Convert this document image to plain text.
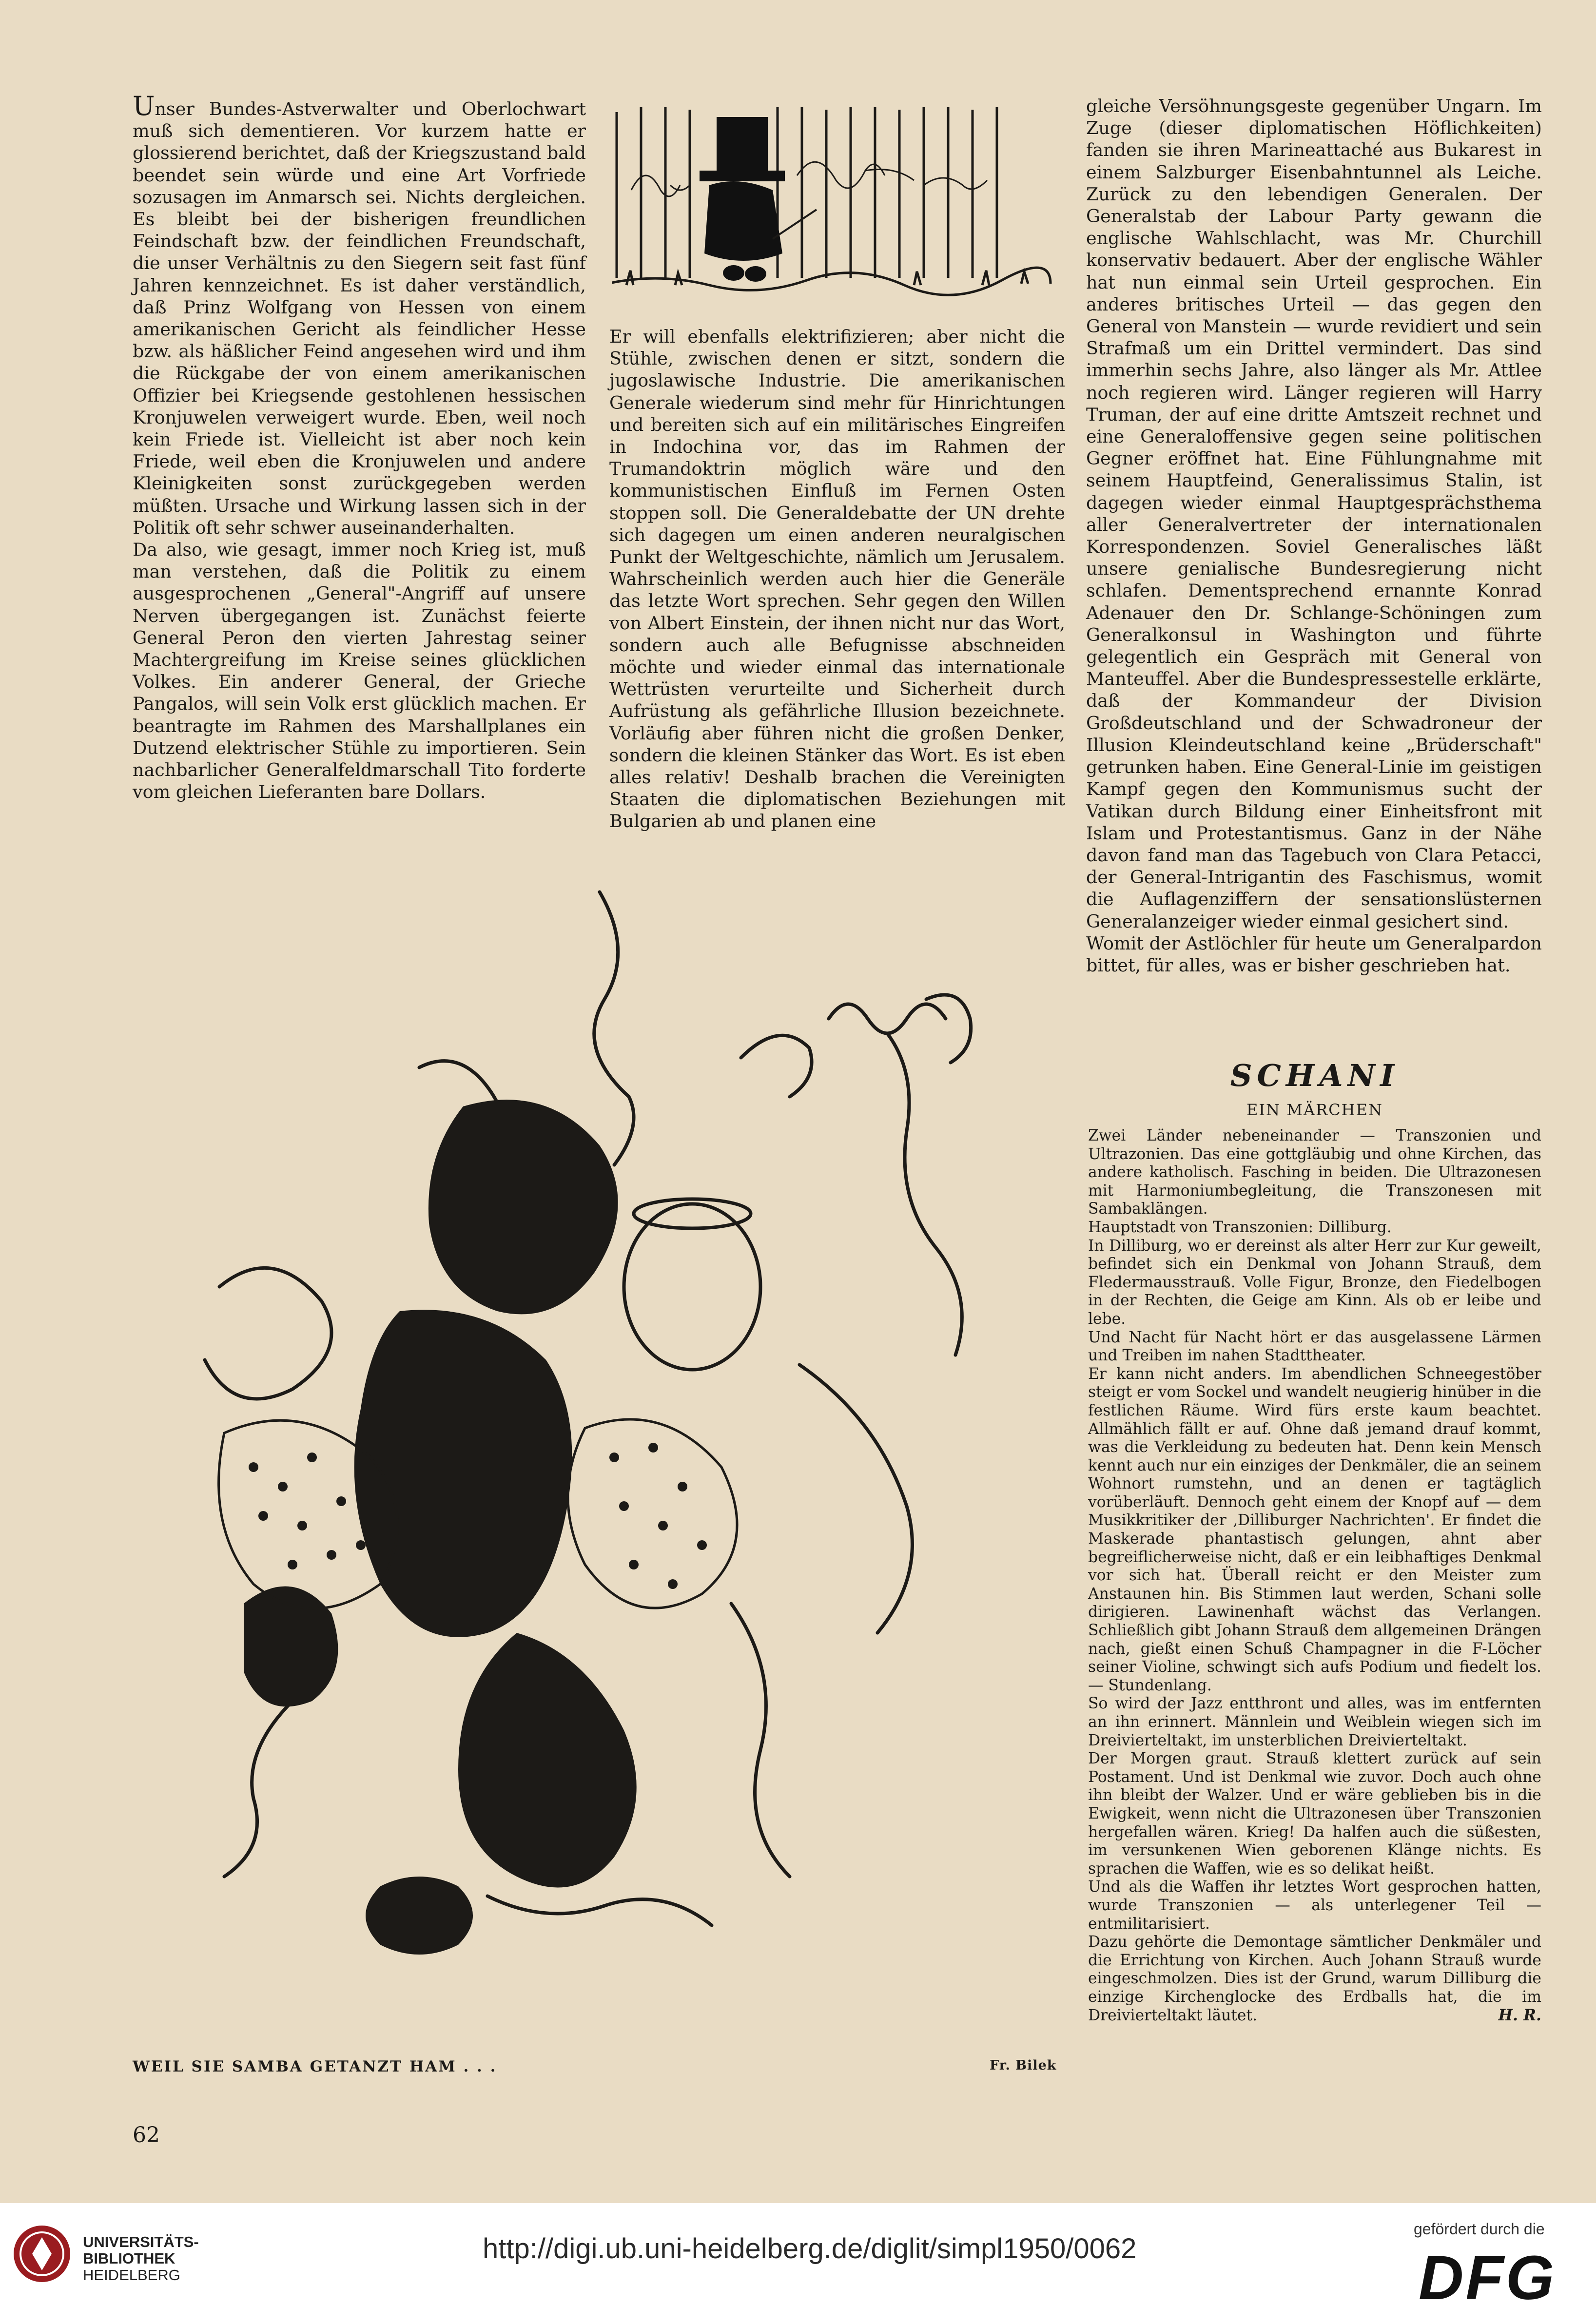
Unser Bundes-Astverwalter und Oberlochwart muß sich dementieren. Vor kurzem hatte er glossierend berichtet, daß der Kriegszustand bald beendet sein würde und eine Art Vorfriede sozusagen im Anmarsch sei. Nichts dergleichen. Es bleibt bei der bisherigen freundlichen Feindschaft bzw. der feindlichen Freundschaft, die unser Verhältnis zu den Siegern seit fast fünf Jahren kennzeichnet. Es ist daher verständlich, daß Prinz Wolfgang von Hessen von einem amerikanischen Gericht als feindlicher Hesse bzw. als häßlicher Feind angesehen wird und ihm die Rückgabe der von einem amerikanischen Offizier bei Kriegsende gestohlenen hessischen Kronjuwelen verweigert wurde. Eben, weil noch kein Friede ist. Vielleicht ist aber noch kein Friede, weil eben die Kronjuwelen und andere Kleinigkeiten sonst zurückgegeben werden müßten. Ursache und Wirkung lassen sich in der Politik oft sehr schwer auseinanderhalten.

Da also, wie gesagt, immer noch Krieg ist, muß man verstehen, daß die Politik zu einem ausgesprochenen „General"-Angriff auf unsere Nerven übergegangen ist. Zunächst feierte General Peron den vierten Jahrestag seiner Machtergreifung im Kreise seines glücklichen Volkes. Ein anderer General, der Grieche Pangalos, will sein Volk erst glücklich machen. Er beantragte im Rahmen des Marshallplanes ein Dutzend elektrischer Stühle zu importieren. Sein nachbarlicher Generalfeldmarschall Tito forderte vom gleichen Lieferanten bare Dollars.

Er will ebenfalls elektrifizieren; aber nicht die Stühle, zwischen denen er sitzt, sondern die jugoslawische Industrie. Die amerikanischen Generale wiederum sind mehr für Hinrichtungen und bereiten sich auf ein militärisches Eingreifen in Indochina vor, das im Rahmen der Trumandoktrin möglich wäre und den kommunistischen Einfluß im Fernen Osten stoppen soll. Die Generaldebatte der UN drehte sich dagegen um einen anderen neuralgischen Punkt der Weltgeschichte, nämlich um Jerusalem. Wahrscheinlich werden auch hier die Generäle das letzte Wort sprechen. Sehr gegen den Willen von Albert Einstein, der ihnen nicht nur das Wort, sondern auch alle Befugnisse abschneiden möchte und wieder einmal das internationale Wettrüsten verurteilte und Sicherheit durch Aufrüstung als gefährliche Illusion bezeichnete. Vorläufig aber führen nicht die großen Denker, sondern die kleinen Stänker das Wort. Es ist eben alles relativ! Deshalb brachen die Vereinigten Staaten die diplomatischen Beziehungen mit Bulgarien ab und planen eine

gleiche Versöhnungsgeste gegenüber Ungarn. Im Zuge (dieser diplomatischen Höflichkeiten) fanden sie ihren Marineattaché aus Bukarest in einem Salzburger Eisenbahntunnel als Leiche. Zurück zu den lebendigen Generalen. Der Generalstab der Labour Party gewann die englische Wahlschlacht, was Mr. Churchill konservativ bedauert. Aber der englische Wähler hat nun einmal sein Urteil gesprochen. Ein anderes britisches Urteil — das gegen den General von Manstein — wurde revidiert und sein Strafmaß um ein Drittel vermindert. Das sind immerhin sechs Jahre, also länger als Mr. Attlee noch regieren wird. Länger regieren will Harry Truman, der auf eine dritte Amtszeit rechnet und eine Generaloffensive gegen seine politischen Gegner eröffnet hat. Eine Fühlungnahme mit seinem Hauptfeind, Generalissimus Stalin, ist dagegen wieder einmal Hauptgesprächsthema aller Generalvertreter der internationalen Korrespondenzen. Soviel Generalisches läßt unsere genialische Bundesregierung nicht schlafen. Dementsprechend ernannte Konrad Adenauer den Dr. Schlange-Schöningen zum Generalkonsul in Washington und führte gelegentlich ein Gespräch mit General von Manteuffel. Aber die Bundespressestelle erklärte, daß der Kommandeur der Division Großdeutschland und der Schwadroneur der Illusion Kleindeutschland keine „Brüderschaft" getrunken haben. Eine General-Linie im geistigen Kampf gegen den Kommunismus sucht der Vatikan durch Bildung einer Einheitsfront mit Islam und Protestantismus. Ganz in der Nähe davon fand man das Tagebuch von Clara Petacci, der General-Intrigantin des Faschismus, womit die Auflagenziffern der sensationslüsternen Generalanzeiger wieder einmal gesichert sind.

Womit der Astlöchler für heute um Generalpardon bittet, für alles, was er bisher geschrieben hat.

SCHANI
EIN MÄRCHEN

Zwei Länder nebeneinander — Transzonien und Ultrazonien. Das eine gottgläubig und ohne Kirchen, das andere katholisch. Fasching in beiden. Die Ultrazonesen mit Harmoniumbegleitung, die Transzonesen mit Sambaklängen.

Hauptstadt von Transzonien: Dilliburg.

In Dilliburg, wo er dereinst als alter Herr zur Kur geweilt, befindet sich ein Denkmal von Johann Strauß, dem Fledermausstrauß. Volle Figur, Bronze, den Fiedelbogen in der Rechten, die Geige am Kinn. Als ob er leibe und lebe.

Und Nacht für Nacht hört er das ausgelassene Lärmen und Treiben im nahen Stadttheater.

Er kann nicht anders. Im abendlichen Schneegestöber steigt er vom Sockel und wandelt neugierig hinüber in die festlichen Räume. Wird fürs erste kaum beachtet. Allmählich fällt er auf. Ohne daß jemand drauf kommt, was die Verkleidung zu bedeuten hat. Denn kein Mensch kennt auch nur ein einziges der Denkmäler, die an seinem Wohnort rumstehn, und an denen er tagtäglich vorüberläuft. Dennoch geht einem der Knopf auf — dem Musikkritiker der ‚Dilliburger Nachrichten'. Er findet die Maskerade phantastisch gelungen, ahnt aber begreiflicherweise nicht, daß er ein leibhaftiges Denkmal vor sich hat. Überall reicht er den Meister zum Anstaunen hin. Bis Stimmen laut werden, Schani solle dirigieren. Lawinenhaft wächst das Verlangen. Schließlich gibt Johann Strauß dem allgemeinen Drängen nach, gießt einen Schuß Champagner in die F-Löcher seiner Violine, schwingt sich aufs Podium und fiedelt los. — Stundenlang.

So wird der Jazz entthront und alles, was im entfernten an ihn erinnert. Männlein und Weiblein wiegen sich im Dreivierteltakt, im unsterblichen Dreivierteltakt.

Der Morgen graut. Strauß klettert zurück auf sein Postament. Und ist Denkmal wie zuvor. Doch auch ohne ihn bleibt der Walzer. Und er wäre geblieben bis in die Ewigkeit, wenn nicht die Ultrazonesen über Transzonien hergefallen wären. Krieg! Da halfen auch die süßesten, im versunkenen Wien geborenen Klänge nichts. Es sprachen die Waffen, wie es so delikat heißt.

Und als die Waffen ihr letztes Wort gesprochen hatten, wurde Transzonien — als unterlegener Teil — entmilitarisiert.

Dazu gehörte die Demontage sämtlicher Denkmäler und die Errichtung von Kirchen. Auch Johann Strauß wurde eingeschmolzen. Dies ist der Grund, warum Dilliburg die einzige Kirchenglocke des Erdballs hat, die im Dreivierteltakt läutet.	H. R.

WEIL SIE SAMBA GETANZT HAM . . .	Fr. Bilek
62
UNIVERSITÄTS-
BIBLIOTHEK
HEIDELBERG
http://digi.ub.uni-heidelberg.de/diglit/simpl1950/0062
gefördert durch die
DFG
